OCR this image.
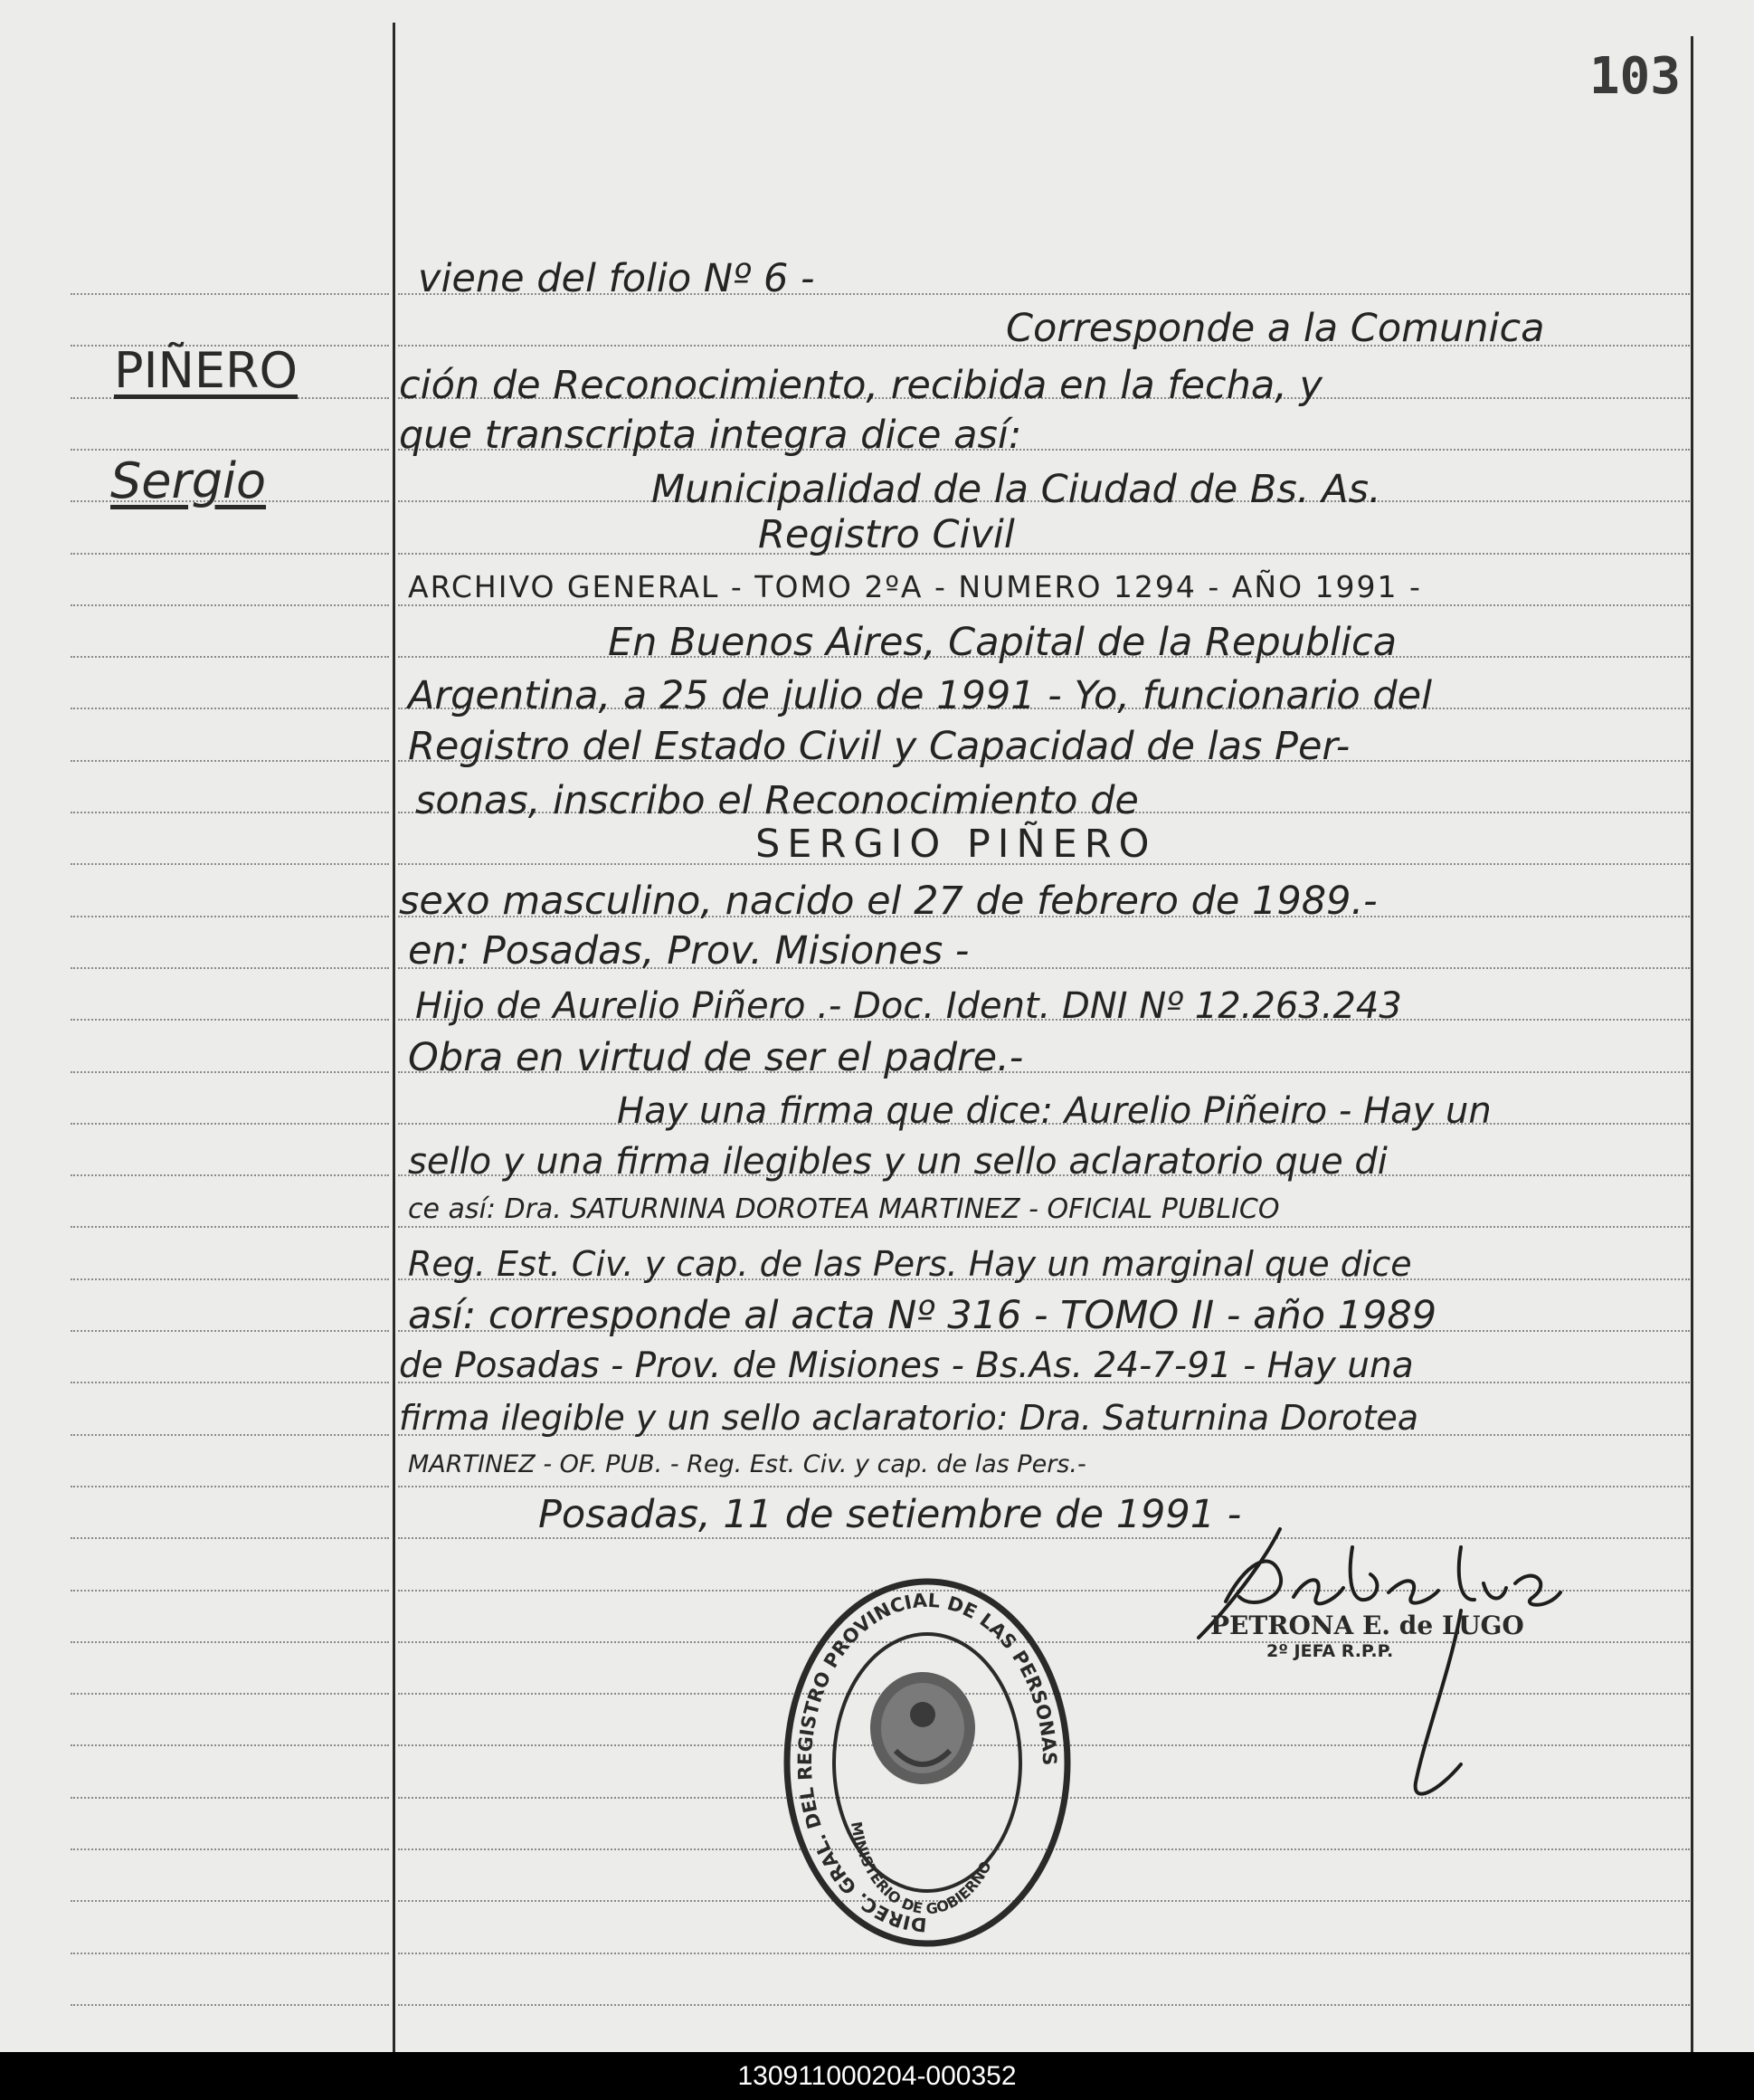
103
PIÑERO
Sergio
viene del folio Nº 6 -
Corresponde a la Comunica
ción de Reconocimiento, recibida en la fecha, y
que transcripta integra dice así:
Municipalidad de la Ciudad de Bs. As.
Registro Civil
ARCHIVO GENERAL - TOMO 2ºA - NUMERO 1294 - AÑO 1991 -
En Buenos Aires, Capital de la Republica
Argentina, a 25 de julio de 1991 - Yo, funcionario del
Registro del Estado Civil y Capacidad de las Per-
sonas, inscribo el Reconocimiento de
SERGIO PIÑERO
sexo masculino, nacido el 27 de febrero de 1989.-
en: Posadas, Prov. Misiones -
Hijo de Aurelio Piñero .- Doc. Ident. DNI Nº 12.263.243
Obra en virtud de ser el padre.-
Hay una firma que dice: Aurelio Piñeiro - Hay un
sello y una firma ilegibles y un sello aclaratorio que di
ce así: Dra. SATURNINA DOROTEA MARTINEZ - OFICIAL PUBLICO
Reg. Est. Civ. y cap. de las Pers. Hay un marginal que dice
así: corresponde al acta Nº 316 - TOMO II - año 1989
de Posadas - Prov. de Misiones - Bs.As. 24-7-91 - Hay una
firma ilegible y un sello aclaratorio: Dra. Saturnina Dorotea
MARTINEZ - OF. PUB. - Reg. Est. Civ. y cap. de las Pers.-
Posadas, 11 de setiembre de 1991 -
PETRONA E. de LUGO
2º JEFA R.P.P.
DIREC. GRAL. DEL REGISTRO PROVINCIAL DE LAS PERSONAS
MINISTERIO DE GOBIERNO
130911000204-000352
